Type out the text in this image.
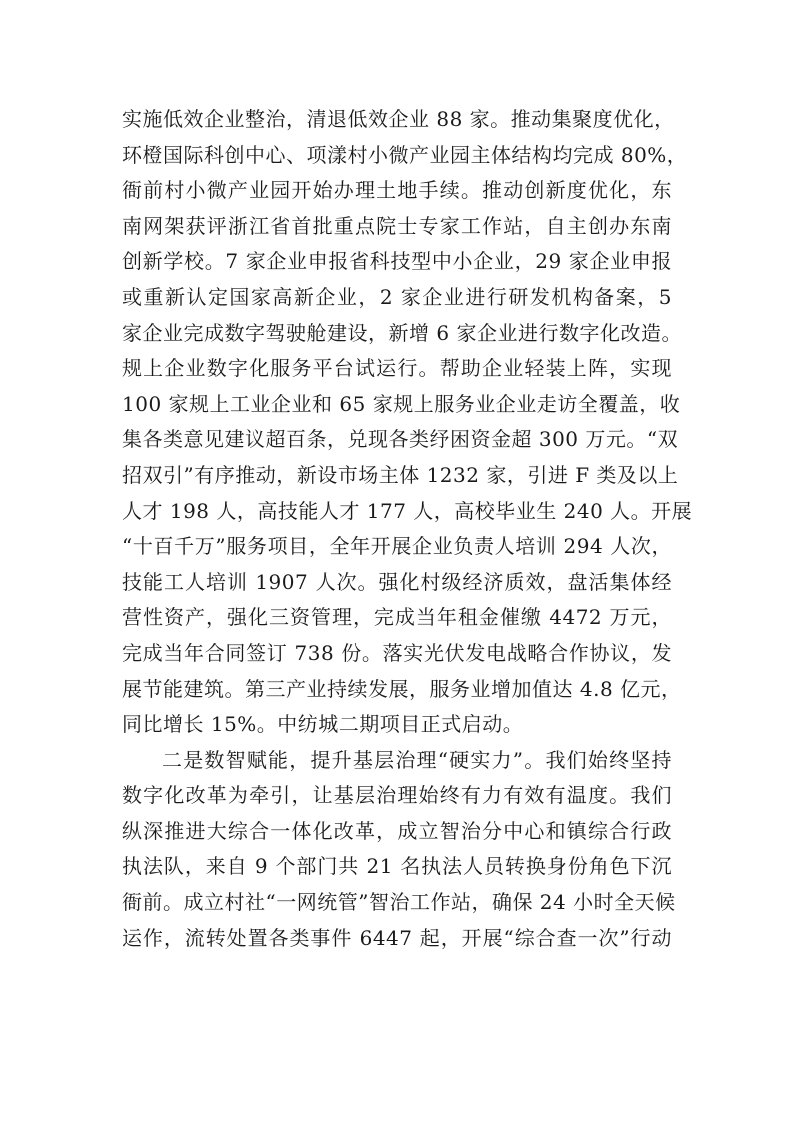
实施低效企业整治，清退低效企业 88 家。推动集聚度优化，
环橙国际科创中心、项漾村小微产业园主体结构均完成 80%，
衙前村小微产业园开始办理土地手续。推动创新度优化，东
南网架获评浙江省首批重点院士专家工作站，自主创办东南
创新学校。7 家企业申报省科技型中小企业，29 家企业申报
或重新认定国家高新企业，2 家企业进行研发机构备案，5
家企业完成数字驾驶舱建设，新增 6 家企业进行数字化改造。
规上企业数字化服务平台试运行。帮助企业轻装上阵，实现
100 家规上工业企业和 65 家规上服务业企业走访全覆盖，收
集各类意见建议超百条，兑现各类纾困资金超 300 万元。“双
招双引”有序推动，新设市场主体 1232 家，引进 F 类及以上
人才 198 人，高技能人才 177 人，高校毕业生 240 人。开展
“十百千万”服务项目，全年开展企业负责人培训 294 人次，
技能工人培训 1907 人次。强化村级经济质效，盘活集体经
营性资产，强化三资管理，完成当年租金催缴 4472 万元，
完成当年合同签订 738 份。落实光伏发电战略合作协议，发
展节能建筑。第三产业持续发展，服务业增加值达 4.8 亿元，
同比增长 15%。中纺城二期项目正式启动。
二是数智赋能，提升基层治理“硬实力”。我们始终坚持
数字化改革为牵引，让基层治理始终有力有效有温度。我们
纵深推进大综合一体化改革，成立智治分中心和镇综合行政
执法队，来自 9 个部门共 21 名执法人员转换身份角色下沉
衙前。成立村社“一网统管”智治工作站，确保 24 小时全天候
运作，流转处置各类事件 6447 起，开展“综合查一次”行动
